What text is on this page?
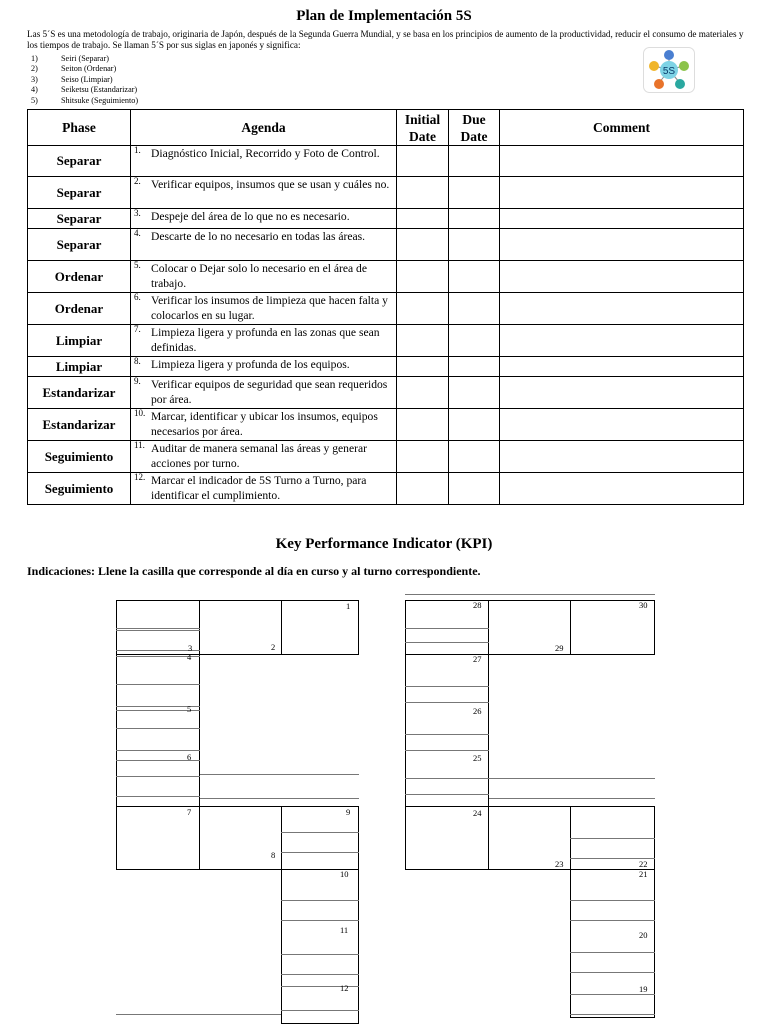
Plan de Implementación 5S
Las 5´S es una metodología de trabajo, originaria de Japón, después de la Segunda Guerra Mundial, y se basa en los principios de aumento de la productividad, reducir el consumo de materiales y los tiempos de trabajo. Se llaman 5´S por sus siglas en japonés y significa:
1)	Seiri (Separar)
2)	Seiton (Ordenar)
3)	Seiso (Limpiar)
4)	Seiketsu (Estandarizar)
5)	Shitsuke (Seguimiento)
5S
Phase	Agenda	Initial Date	Due Date	Comment
Separar	1. Diagnóstico Inicial, Recorrido y Foto de Control.			
Separar	2. Verificar equipos, insumos que se usan y cuáles no.			
Separar	3. Despeje del área de lo que no es necesario.			
Separar	4. Descarte de lo no necesario en todas las áreas.			
Ordenar	5. Colocar o Dejar solo lo necesario en el área de trabajo.			
Ordenar	6. Verificar los insumos de limpieza que hacen falta y colocarlos en su lugar.			
Limpiar	7. Limpieza ligera y profunda en las zonas que sean definidas.			
Limpiar	8. Limpieza ligera y profunda de los equipos.			
Estandarizar	9. Verificar equipos de seguridad que sean requeridos por área.			
Estandarizar	10. Marcar, identificar y ubicar los insumos, equipos necesarios por área.			
Seguimiento	11. Auditar de manera semanal las áreas y generar acciones por turno.			
Seguimiento	12. Marcar el indicador de 5S Turno a Turno, para identificar el cumplimiento.			
Key Performance Indicator (KPI)
Indicaciones: Llene la casilla que corresponde al día en curso y al turno correspondiente.
1
2
3
4
5
6
7
8
9
10
11
12
30
29
28
27
26
25
24
23	22
21
20
19
